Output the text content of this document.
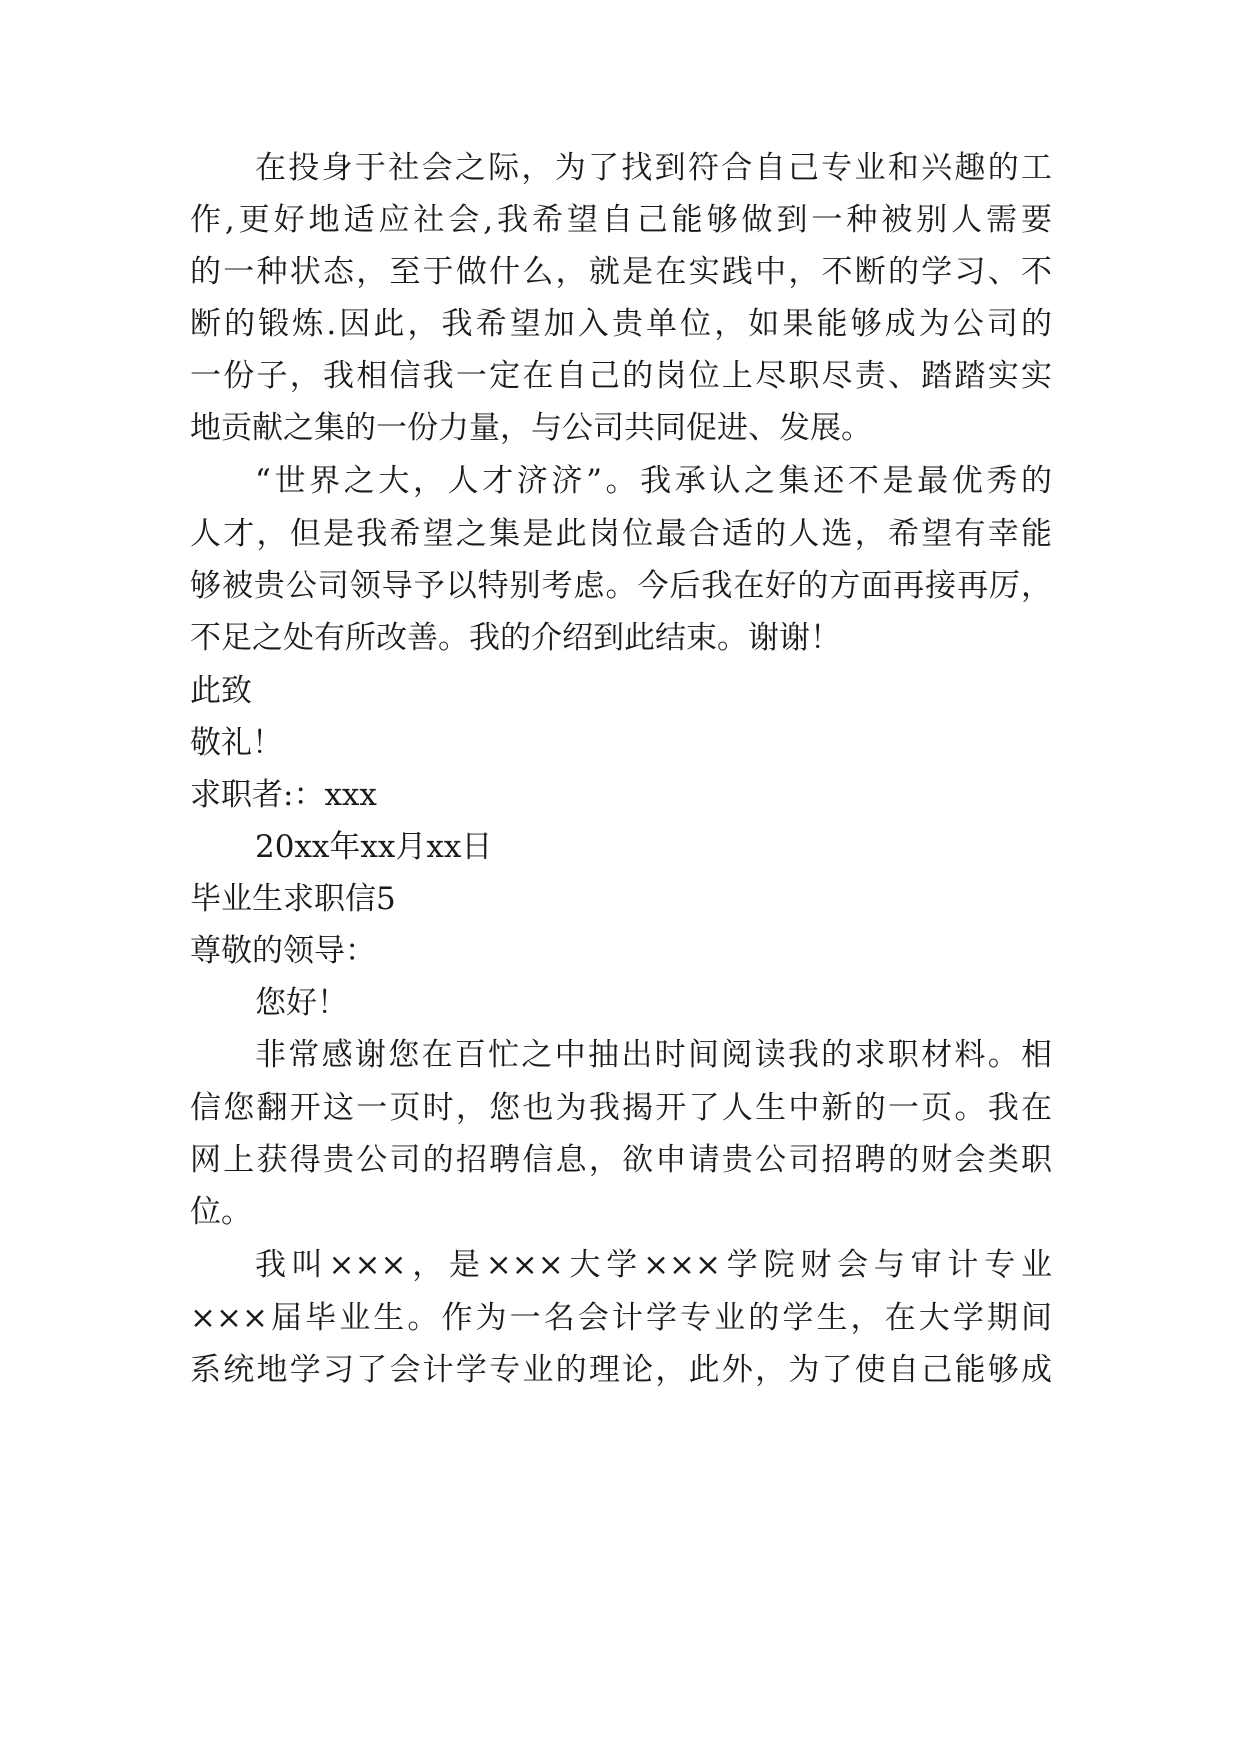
在投身于社会之际，为了找到符合自己专业和兴趣的工
作,更好地适应社会,我希望自己能够做到一种被别人需要
的一种状态，至于做什么，就是在实践中，不断的学习、不
断的锻炼.因此，我希望加入贵单位，如果能够成为公司的
一份子，我相信我一定在自己的岗位上尽职尽责、踏踏实实
地贡献之集的一份力量，与公司共同促进、发展。
“世界之大，人才济济”。我承认之集还不是最优秀的
人才，但是我希望之集是此岗位最合适的人选，希望有幸能
够被贵公司领导予以特别考虑。今后我在好的方面再接再厉，
不足之处有所改善。我的介绍到此结束。谢谢！
此致
敬礼！
求职者:：xxx
20xx年xx月xx日
毕业生求职信5
尊敬的领导：
您好！
非常感谢您在百忙之中抽出时间阅读我的求职材料。相
信您翻开这一页时，您也为我揭开了人生中新的一页。我在
网上获得贵公司的招聘信息，欲申请贵公司招聘的财会类职
位。
我叫×××，是×××大学×××学院财会与审计专业
×××届毕业生。作为一名会计学专业的学生，在大学期间
系统地学习了会计学专业的理论，此外，为了使自己能够成
